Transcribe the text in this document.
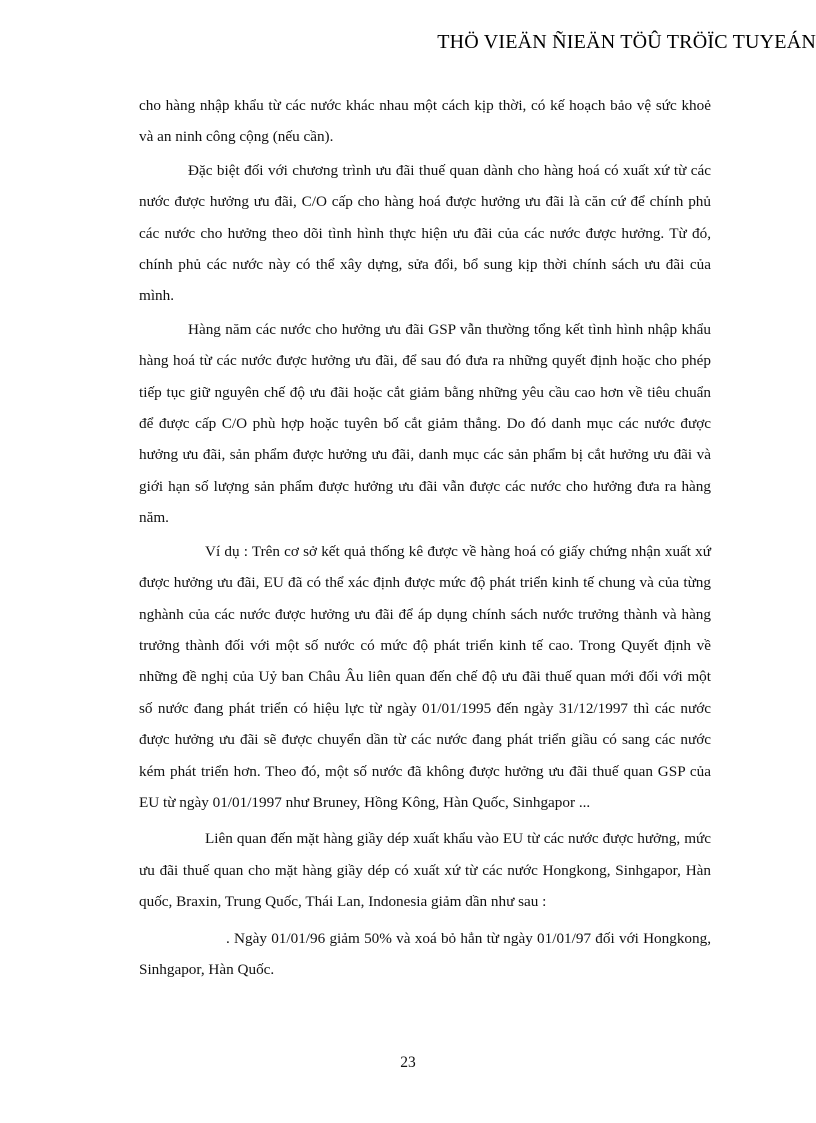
THÖ VIEÄN ÑIEÄN TÖÛ TRÖÏC TUYEÁN

cho hàng nhập khẩu từ các nước khác nhau một cách kịp thời, có kế hoạch bảo vệ sức khoẻ và an ninh công cộng (nếu cần).

Đặc biệt đối với chương trình ưu đãi thuế quan dành cho hàng hoá có xuất xứ từ các nước được hưởng ưu đãi, C/O cấp cho hàng hoá được hưởng ưu đãi là căn cứ để chính phủ các nước cho hưởng theo dõi tình hình thực hiện ưu đãi của các nước được hưởng. Từ đó, chính phủ các nước này có thể xây dựng, sửa đổi, bổ sung kịp thời chính sách ưu đãi của mình.

Hàng năm các nước cho hưởng ưu đãi GSP vẫn thường tổng kết tình hình nhập khẩu hàng hoá từ các nước được hưởng ưu đãi, để sau đó đưa ra những quyết định hoặc cho phép tiếp tục giữ nguyên chế độ ưu đãi hoặc cắt giảm bằng những yêu cầu cao hơn về tiêu chuẩn để được cấp C/O phù hợp hoặc tuyên bố cắt giảm thẳng. Do đó danh mục các nước được hưởng ưu đãi, sản phẩm được hưởng ưu đãi, danh mục các sản phẩm bị cắt hưởng ưu đãi và giới hạn số lượng sản phẩm được hưởng ưu đãi vẫn được các nước cho hưởng đưa ra hàng năm.

Ví dụ : Trên cơ sở kết quả thống kê được về hàng hoá có giấy chứng nhận xuất xứ được hưởng ưu đãi, EU đã có thể xác định được mức độ phát triển kinh tế chung và của từng nghành của các nước được hưởng ưu đãi để áp dụng chính sách nước trưởng thành và hàng trưởng thành đối với một số nước có mức độ phát triển kinh tế cao. Trong Quyết định về những đề nghị của Uỷ ban Châu Âu liên quan đến chế độ ưu đãi thuế quan mới đối với một số nước đang phát triển có hiệu lực từ ngày 01/01/1995 đến ngày 31/12/1997 thì các nước được hưởng ưu đãi sẽ được chuyển dần từ các nước đang phát triển giầu có sang các nước kém phát triển hơn. Theo đó, một số nước đã không được hưởng ưu đãi thuế quan GSP của EU từ ngày 01/01/1997 như Bruney, Hồng Kông, Hàn Quốc, Sinhgapor ...

Liên quan đến mặt hàng giầy dép xuất khẩu vào EU từ các nước được hưởng, mức ưu đãi thuế quan cho mặt hàng giầy dép có xuất xứ từ các nước Hongkong, Sinhgapor, Hàn quốc, Braxin, Trung Quốc, Thái Lan, Indonesia giảm dần như sau :

. Ngày 01/01/96 giảm 50% và xoá bỏ hẳn từ ngày 01/01/97 đối với Hongkong, Sinhgapor, Hàn Quốc.

23
